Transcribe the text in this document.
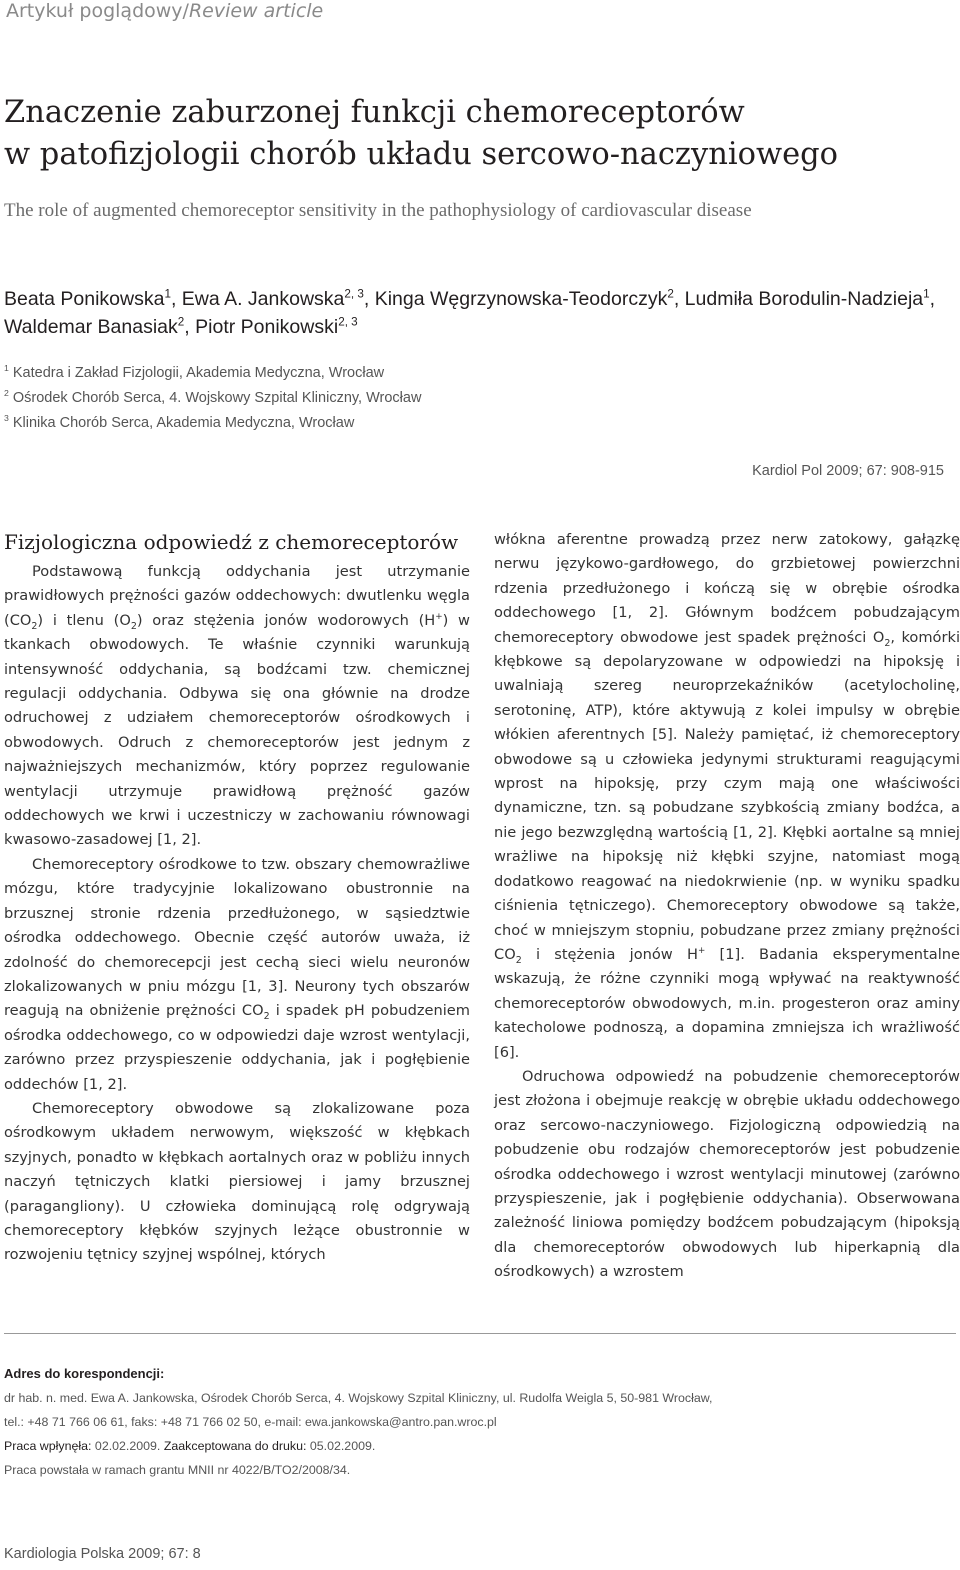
Artykuł poglądowy/Review article
Znaczenie zaburzonej funkcji chemoreceptorów
w patofizjologii chorób układu sercowo-naczyniowego
The role of augmented chemoreceptor sensitivity in the pathophysiology of cardiovascular disease
Beata Ponikowska$^1$, Ewa A. Jankowska$^{2, 3}$, Kinga Węgrzynowska-Teodorczyk$^2$, Ludmiła Borodulin-Nadzieja$^1$,
Waldemar Banasiak$^2$, Piotr Ponikowski$^{2, 3}$
$^1$ Katedra i Zakład Fizjologii, Akademia Medyczna, Wrocław
$^2$ Ośrodek Chorób Serca, 4. Wojskowy Szpital Kliniczny, Wrocław
$^3$ Klinika Chorób Serca, Akademia Medyczna, Wrocław
Kardiol Pol 2009; 67: 908-915
Fizjologiczna odpowiedź z chemoreceptorów

Podstawową funkcją oddychania jest utrzymanie prawidłowych prężności gazów oddechowych: dwutlenku węgla $(CO_2)$ i tlenu $(O_2)$ oraz stężenia jonów wodorowych (H+) w tkankach obwodowych. Te właśnie czynniki warunkują intensywność oddychania, są bodźcami tzw. chemicznej regulacji oddychania. Odbywa się ona głównie na drodze odruchowej z udziałem chemoreceptorów ośrodkowych i obwodowych. Odruch z chemoreceptorów jest jednym z najważniejszych mechanizmów, który poprzez regulowanie wentylacji utrzymuje prawidłową prężność gazów oddechowych we krwi i uczestniczy w zachowaniu równowagi kwasowo-zasadowej [1, 2].

Chemoreceptory ośrodkowe to tzw. obszary chemowrażliwe mózgu, które tradycyjnie lokalizowano obustronnie na brzusznej stronie rdzenia przedłużonego, w sąsiedztwie ośrodka oddechowego. Obecnie część autorów uważa, iż zdolność do chemorecepcji jest cechą sieci wielu neuronów zlokalizowanych w pniu mózgu [1, 3]. Neurony tych obszarów reagują na obniżenie prężności $CO_2$ i spadek pH pobudzeniem ośrodka oddechowego, co w odpowiedzi daje wzrost wentylacji, zarówno przez przyspieszenie oddychania, jak i pogłębienie oddechów [1, 2].

Chemoreceptory obwodowe są zlokalizowane poza ośrodkowym układem nerwowym, większość w kłębkach szyjnych, ponadto w kłębkach aortalnych oraz w pobliżu innych naczyń tętniczych klatki piersiowej i jamy brzusznej (paragangliony). U człowieka dominującą rolę odgrywają chemoreceptory kłębków szyjnych leżące obustronnie w rozwojeniu tętnicy szyjnej wspólnej, których

włókna aferentne prowadzą przez nerw zatokowy, gałązkę nerwu językowo-gardłowego, do grzbietowej powierzchni rdzenia przedłużonego i kończą się w obrębie ośrodka oddechowego [1, 2]. Głównym bodźcem pobudzającym chemoreceptory obwodowe jest spadek prężności $O_2$, komórki kłębkowe są depolaryzowane w odpowiedzi na hipoksję i uwalniają szereg neuroprzekaźników (acetylocholinę, serotoninę, ATP), które aktywują z kolei impulsy w obrębie włókien aferentnych [5]. Należy pamiętać, iż chemoreceptory obwodowe są u człowieka jedynymi strukturami reagującymi wprost na hipoksję, przy czym mają one właściwości dynamiczne, tzn. są pobudzane szybkością zmiany bodźca, a nie jego bezwzględną wartością [1, 2]. Kłębki aortalne są mniej wrażliwe na hipoksję niż kłębki szyjne, natomiast mogą dodatkowo reagować na niedokrwienie (np. w wyniku spadku ciśnienia tętniczego). Chemoreceptory obwodowe są także, choć w mniejszym stopniu, pobudzane przez zmiany prężności $CO_2$ i stężenia jonów H+ [1]. Badania eksperymentalne wskazują, że różne czynniki mogą wpływać na reaktywność chemoreceptorów obwodowych, m.in. progesteron oraz aminy katecholowe podnoszą, a dopamina zmniejsza ich wrażliwość [6].

Odruchowa odpowiedź na pobudzenie chemoreceptorów jest złożona i obejmuje reakcję w obrębie układu oddechowego oraz sercowo-naczyniowego. Fizjologiczną odpowiedzią na pobudzenie obu rodzajów chemoreceptorów jest pobudzenie ośrodka oddechowego i wzrost wentylacji minutowej (zarówno przyspieszenie, jak i pogłębienie oddychania). Obserwowana zależność liniowa pomiędzy bodźcem pobudzającym (hipoksją dla chemoreceptorów obwodowych lub hiperkapnią dla ośrodkowych) a wzrostem

Adres do korespondencji:
dr hab. n. med. Ewa A. Jankowska, Ośrodek Chorób Serca, 4. Wojskowy Szpital Kliniczny, ul. Rudolfa Weigla 5, 50-981 Wrocław,
tel.: +48 71 766 06 61, faks: +48 71 766 02 50, e-mail: ewa.jankowska@antro.pan.wroc.pl
Praca wpłynęła: 02.02.2009. Zaakceptowana do druku: 05.02.2009.
Praca powstała w ramach grantu MNII nr 4022/B/TO2/2008/34.
Kardiologia Polska 2009; 67: 8
